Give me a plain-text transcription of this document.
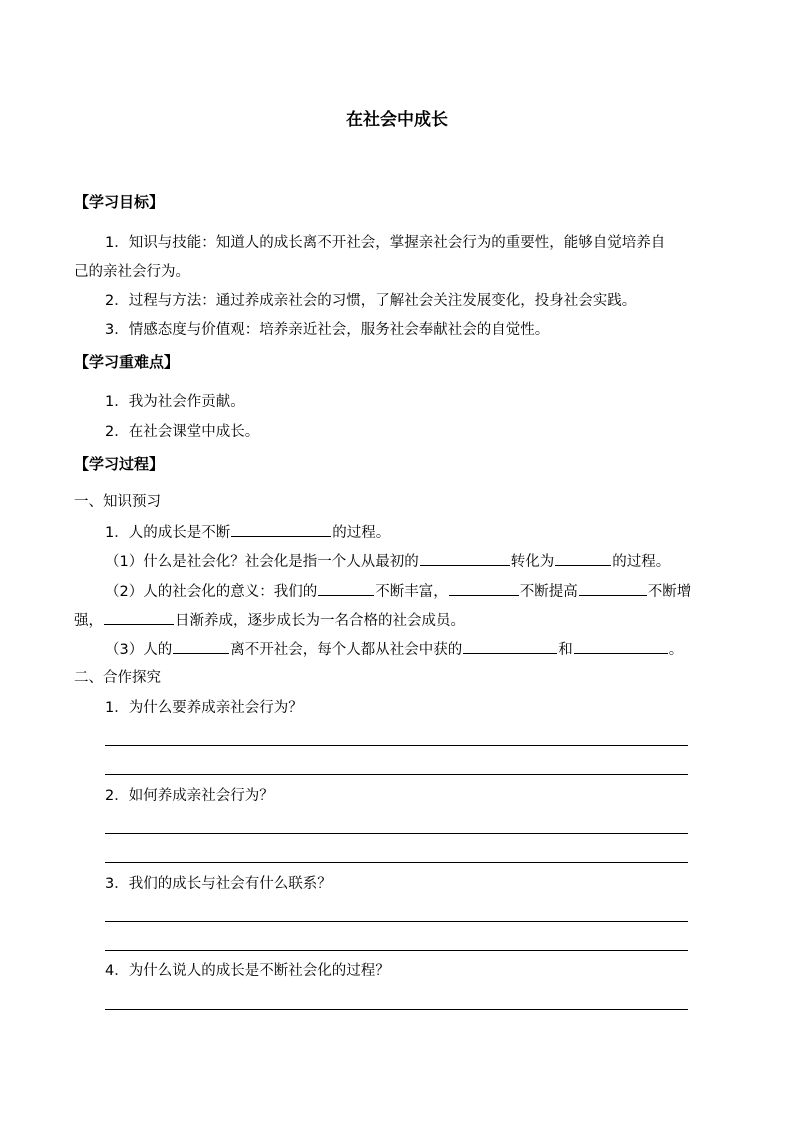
在社会中成长
【学习目标】
1．知识与技能：知道人的成长离不开社会，掌握亲社会行为的重要性，能够自觉培养自
己的亲社会行为。
2．过程与方法：通过养成亲社会的习惯，了解社会关注发展变化，投身社会实践。
3．情感态度与价值观：培养亲近社会，服务社会奉献社会的自觉性。
【学习重难点】
1．我为社会作贡献。
2．在社会课堂中成长。
【学习过程】
一、知识预习
1．人的成长是不断	的过程。
（1）什么是社会化？社会化是指一个人从最初的	转化为	的过程。
（2）人的社会化的意义：我们的	不断丰富，	不断提高	不断增
强，	日渐养成，逐步成长为一名合格的社会成员。
（3）人的	离不开社会，每个人都从社会中获的	和	。
二、合作探究
1．为什么要养成亲社会行为？
2．如何养成亲社会行为？
3．我们的成长与社会有什么联系？
4．为什么说人的成长是不断社会化的过程？
